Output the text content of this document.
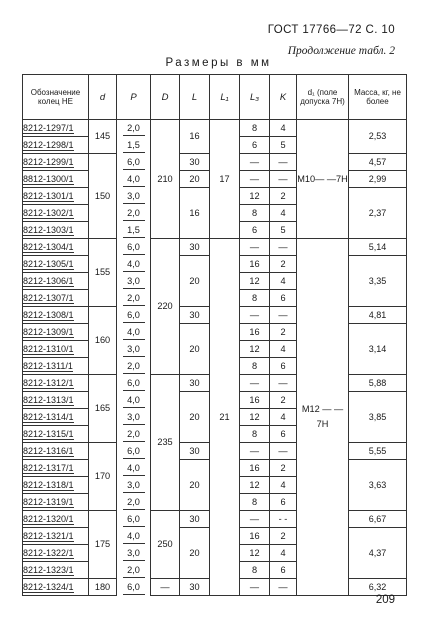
ГОСТ 17766—72 С. 10
Продолжение табл. 2
Размеры в мм
Обозначение колец НЕ	d	P	D	L	L₁	L₃	K	d₁ (поле допуска 7Н)	Масса, кг, не более
8212-1297/1	145	2,0	210	16	17	8	4	М10— —7Н	2,53
8212-1298/1		1,5				6	5		
8212-1299/1	150	6,0		30		—	—		4,57
8812-1300/1		4,0		20		—	—		2,99
8212-1301/1		3,0		16		12	2		2,37
8212-1302/1		2,0				8	4		
8212-1303/1		1,5				6	5		
8212-1304/1	155	6,0	220	30	21	—	—	М12 — —7Н	5,14
8212-1305/1		4,0		20		16	2		3,35
8212-1306/1		3,0				12	4		
8212-1307/1		2,0				8	6		
8212-1308/1	160	6,0		30		—	—		4,81
8212-1309/1		4,0		20		16	2		3,14
8212-1310/1		3,0				12	4		
8212-1311/1		2,0				8	6		
8212-1312/1	165	6,0	235	30		—	—		5,88
8212-1313/1		4,0		20		16	2		3,85
8212-1314/1		3,0				12	4		
8212-1315/1		2,0				8	6		
8212-1316/1	170	6,0		30		—	—		5,55
8212-1317/1		4,0		20		16	2		3,63
8212-1318/1		3,0				12	4		
8212-1319/1		2,0				8	6		
8212-1320/1	175	6,0	250	30		—	- -		6,67
8212-1321/1		4,0		20		16	2		4,37
8212-1322/1		3,0				12	4		
8212-1323/1		2,0				8	6		
8212-1324/1	180	6,0	—	30		—	—		6,32
209
